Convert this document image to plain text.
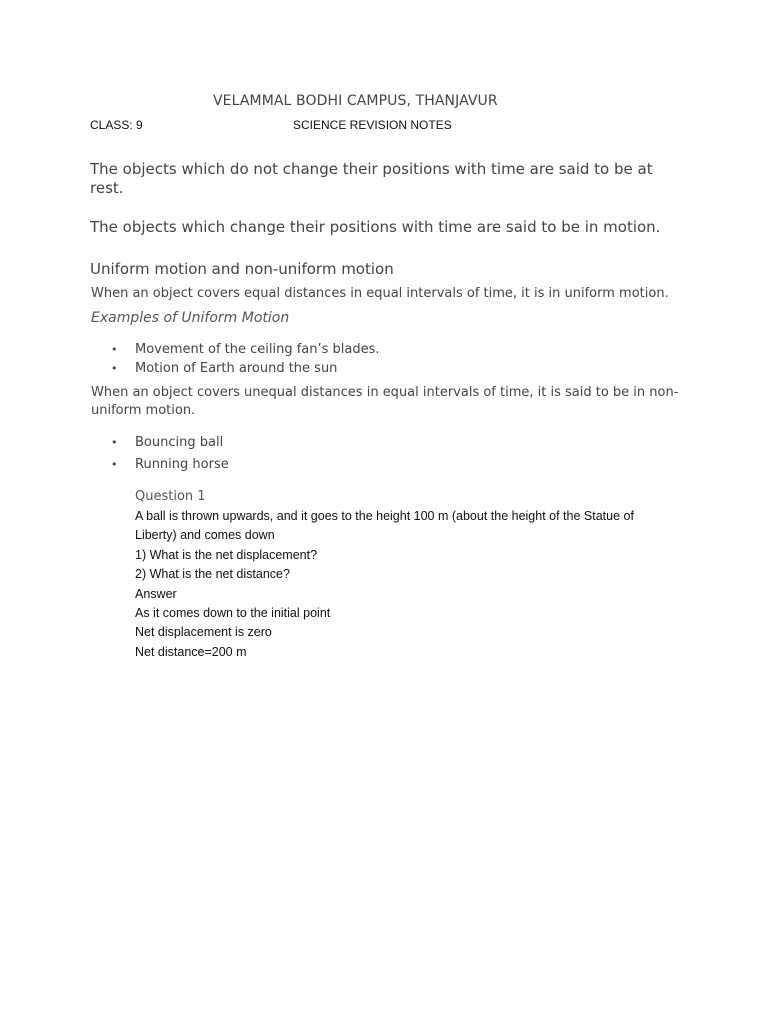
VELAMMAL BODHI CAMPUS, THANJAVUR
CLASS: 9	SCIENCE REVISION NOTES
The objects which do not change their positions with time are said to be at rest.
The objects which change their positions with time are said to be in motion.
Uniform motion and non-uniform motion
When an object covers equal distances in equal intervals of time, it is in uniform motion.
Examples of Uniform Motion
• Movement of the ceiling fan’s blades.
• Motion of Earth around the sun
When an object covers unequal distances in equal intervals of time, it is said to be in non-uniform motion.
• Bouncing ball
• Running horse
Question 1
A ball is thrown upwards, and it goes to the height 100 m (about the height of the Statue of Liberty) and comes down
1) What is the net displacement?
2) What is the net distance?
Answer
As it comes down to the initial point
Net displacement is zero
Net distance=200 m
